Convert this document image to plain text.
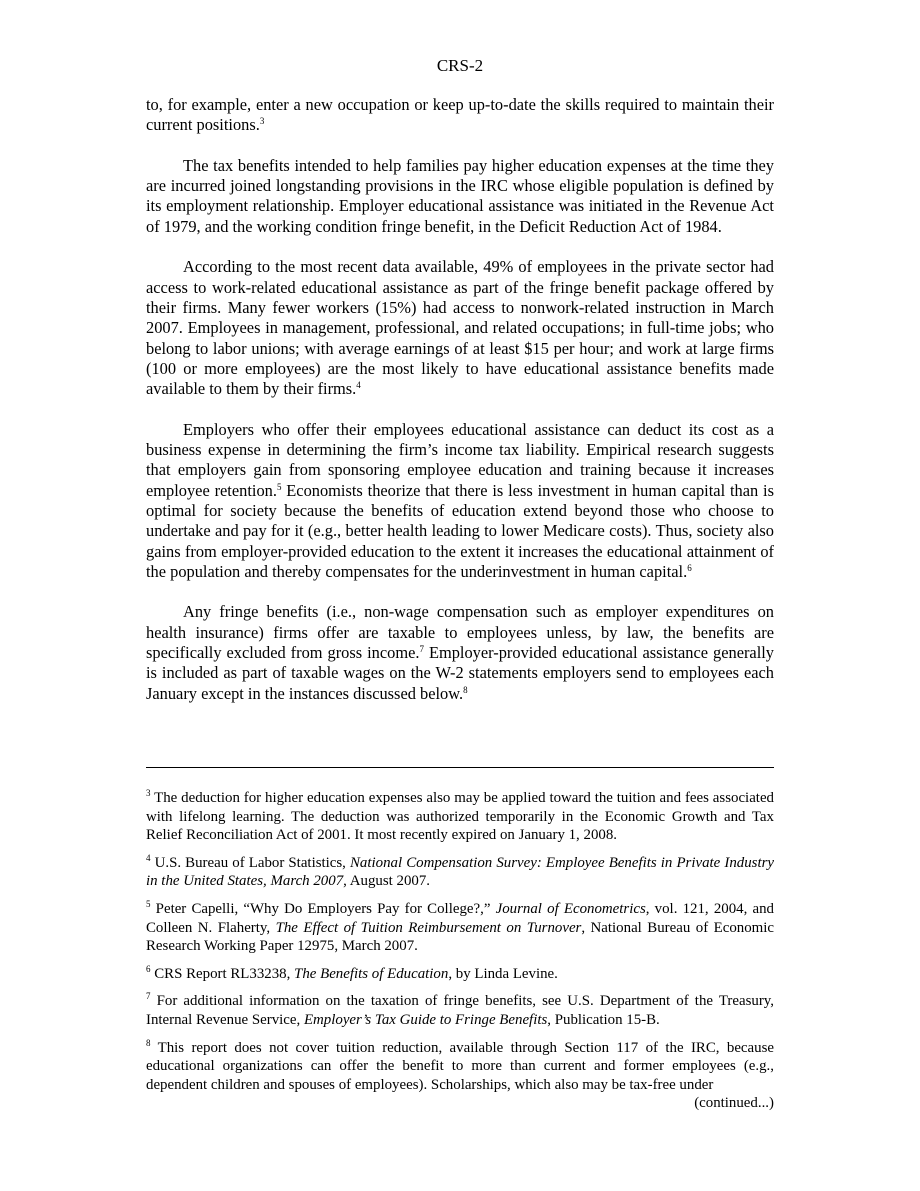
CRS-2

to, for example, enter a new occupation or keep up-to-date the skills required to maintain their current positions.$^3$

The tax benefits intended to help families pay higher education expenses at the time they are incurred joined longstanding provisions in the IRC whose eligible population is defined by its employment relationship. Employer educational assistance was initiated in the Revenue Act of 1979, and the working condition fringe benefit, in the Deficit Reduction Act of 1984.

According to the most recent data available, 49% of employees in the private sector had access to work-related educational assistance as part of the fringe benefit package offered by their firms. Many fewer workers (15%) had access to nonwork-related instruction in March 2007. Employees in management, professional, and related occupations; in full-time jobs; who belong to labor unions; with average earnings of at least $15 per hour; and work at large firms (100 or more employees) are the most likely to have educational assistance benefits made available to them by their firms.$^4$

Employers who offer their employees educational assistance can deduct its cost as a business expense in determining the firm’s income tax liability. Empirical research suggests that employers gain from sponsoring employee education and training because it increases employee retention.$^5$ Economists theorize that there is less investment in human capital than is optimal for society because the benefits of education extend beyond those who choose to undertake and pay for it (e.g., better health leading to lower Medicare costs). Thus, society also gains from employer-provided education to the extent it increases the educational attainment of the population and thereby compensates for the underinvestment in human capital.$^6$

Any fringe benefits (i.e., non-wage compensation such as employer expenditures on health insurance) firms offer are taxable to employees unless, by law, the benefits are specifically excluded from gross income.$^7$ Employer-provided educational assistance generally is included as part of taxable wages on the W-2 statements employers send to employees each January except in the instances discussed below.$^8$

$^3$ The deduction for higher education expenses also may be applied toward the tuition and fees associated with lifelong learning. The deduction was authorized temporarily in the Economic Growth and Tax Relief Reconciliation Act of 2001. It most recently expired on January 1, 2008.

$^4$ U.S. Bureau of Labor Statistics, National Compensation Survey: Employee Benefits in Private Industry in the United States, March 2007, August 2007.

$^5$ Peter Capelli, “Why Do Employers Pay for College?,” Journal of Econometrics, vol. 121, 2004, and Colleen N. Flaherty, The Effect of Tuition Reimbursement on Turnover, National Bureau of Economic Research Working Paper 12975, March 2007.

$^6$ CRS Report RL33238, The Benefits of Education, by Linda Levine.

$^7$ For additional information on the taxation of fringe benefits, see U.S. Department of the Treasury, Internal Revenue Service, Employer’s Tax Guide to Fringe Benefits, Publication 15-B.

$^8$ This report does not cover tuition reduction, available through Section 117 of the IRC, because educational organizations can offer the benefit to more than current and former employees (e.g., dependent children and spouses of employees). Scholarships, which also may be tax-free under

(continued...)
